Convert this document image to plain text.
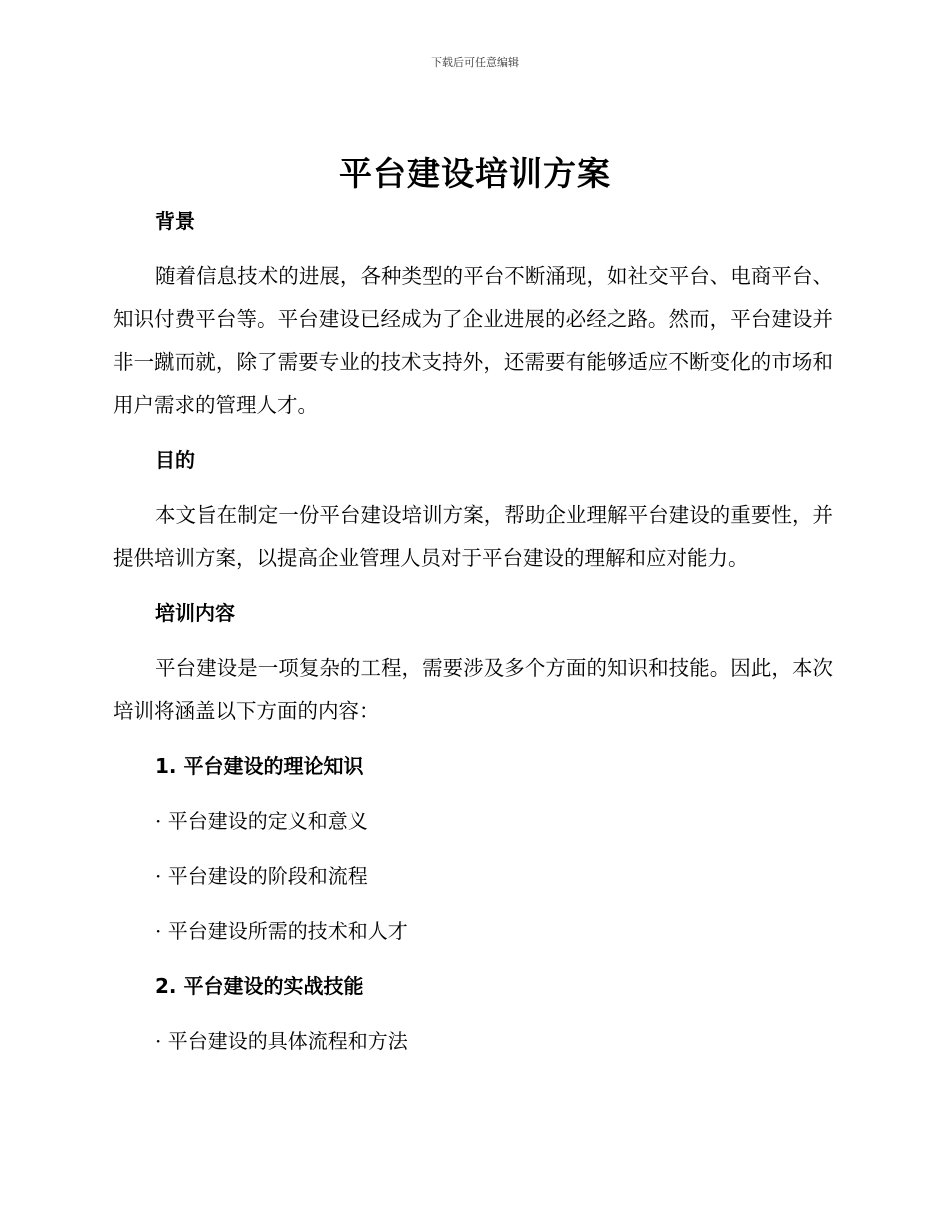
下载后可任意编辑
平台建设培训方案
背景
随着信息技术的进展，各种类型的平台不断涌现，如社交平台、电商平台、知识付费平台等。平台建设已经成为了企业进展的必经之路。然而，平台建设并非一蹴而就，除了需要专业的技术支持外，还需要有能够适应不断变化的市场和用户需求的管理人才。
目的
本文旨在制定一份平台建设培训方案，帮助企业理解平台建设的重要性，并提供培训方案，以提高企业管理人员对于平台建设的理解和应对能力。
培训内容
平台建设是一项复杂的工程，需要涉及多个方面的知识和技能。因此，本次培训将涵盖以下方面的内容：
1. 平台建设的理论知识
· 平台建设的定义和意义
· 平台建设的阶段和流程
· 平台建设所需的技术和人才
2. 平台建设的实战技能
· 平台建设的具体流程和方法
